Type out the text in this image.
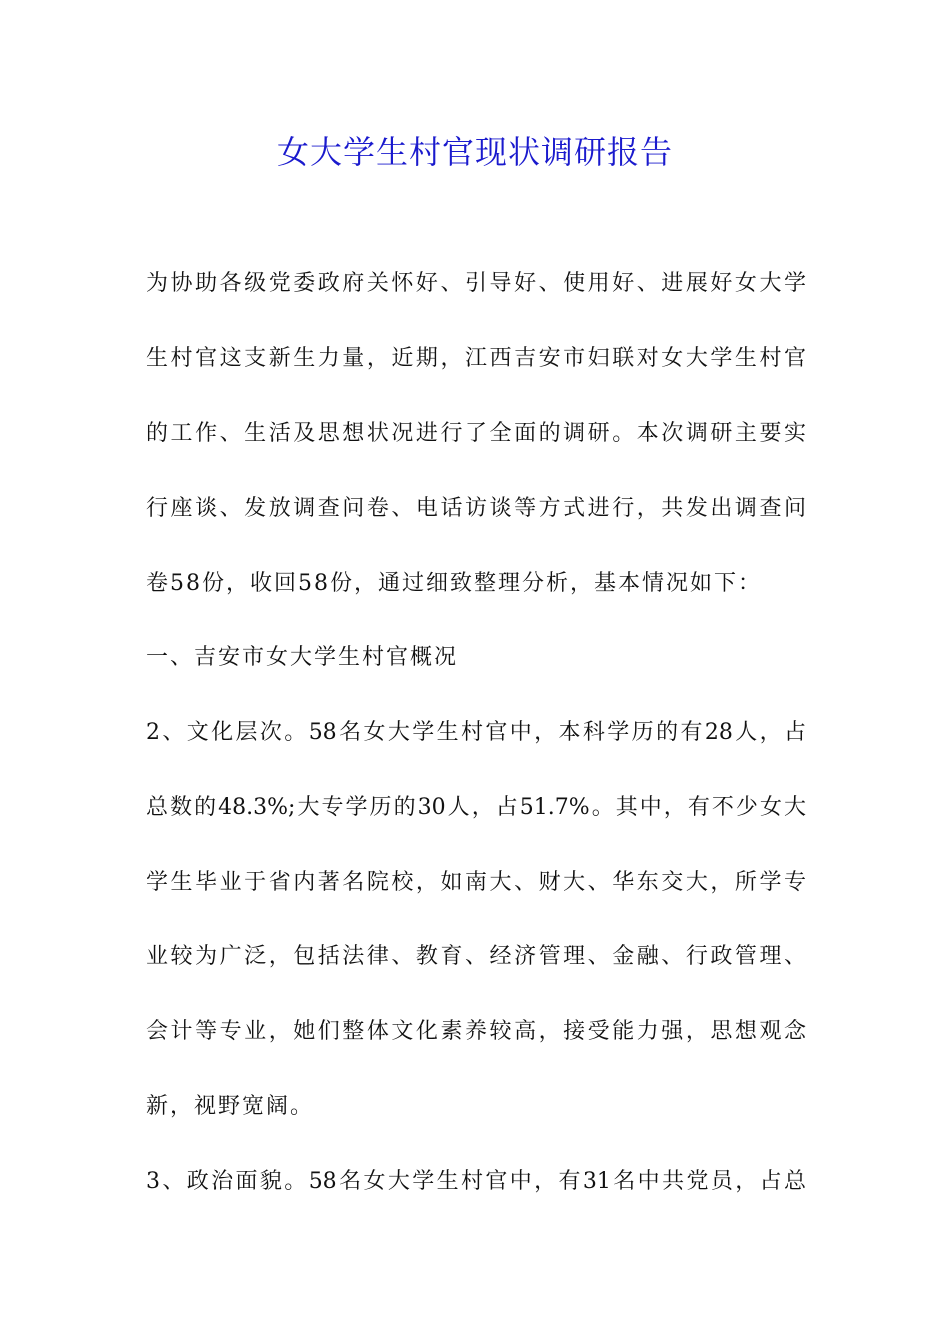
女大学生村官现状调研报告
为协助各级党委政府关怀好、引导好、使用好、进展好女大学
生村官这支新生力量，近期，江西吉安市妇联对女大学生村官
的工作、生活及思想状况进行了全面的调研。本次调研主要实
行座谈、发放调查问卷、电话访谈等方式进行，共发出调查问
卷58份，收回58份，通过细致整理分析，基本情况如下：
一、吉安市女大学生村官概况
2、文化层次。58名女大学生村官中，本科学历的有28人，占
总数的48.3%;大专学历的30人，占51.7%。其中，有不少女大
学生毕业于省内著名院校，如南大、财大、华东交大，所学专
业较为广泛，包括法律、教育、经济管理、金融、行政管理、
会计等专业，她们整体文化素养较高，接受能力强，思想观念
新，视野宽阔。
3、政治面貌。58名女大学生村官中，有31名中共党员，占总
